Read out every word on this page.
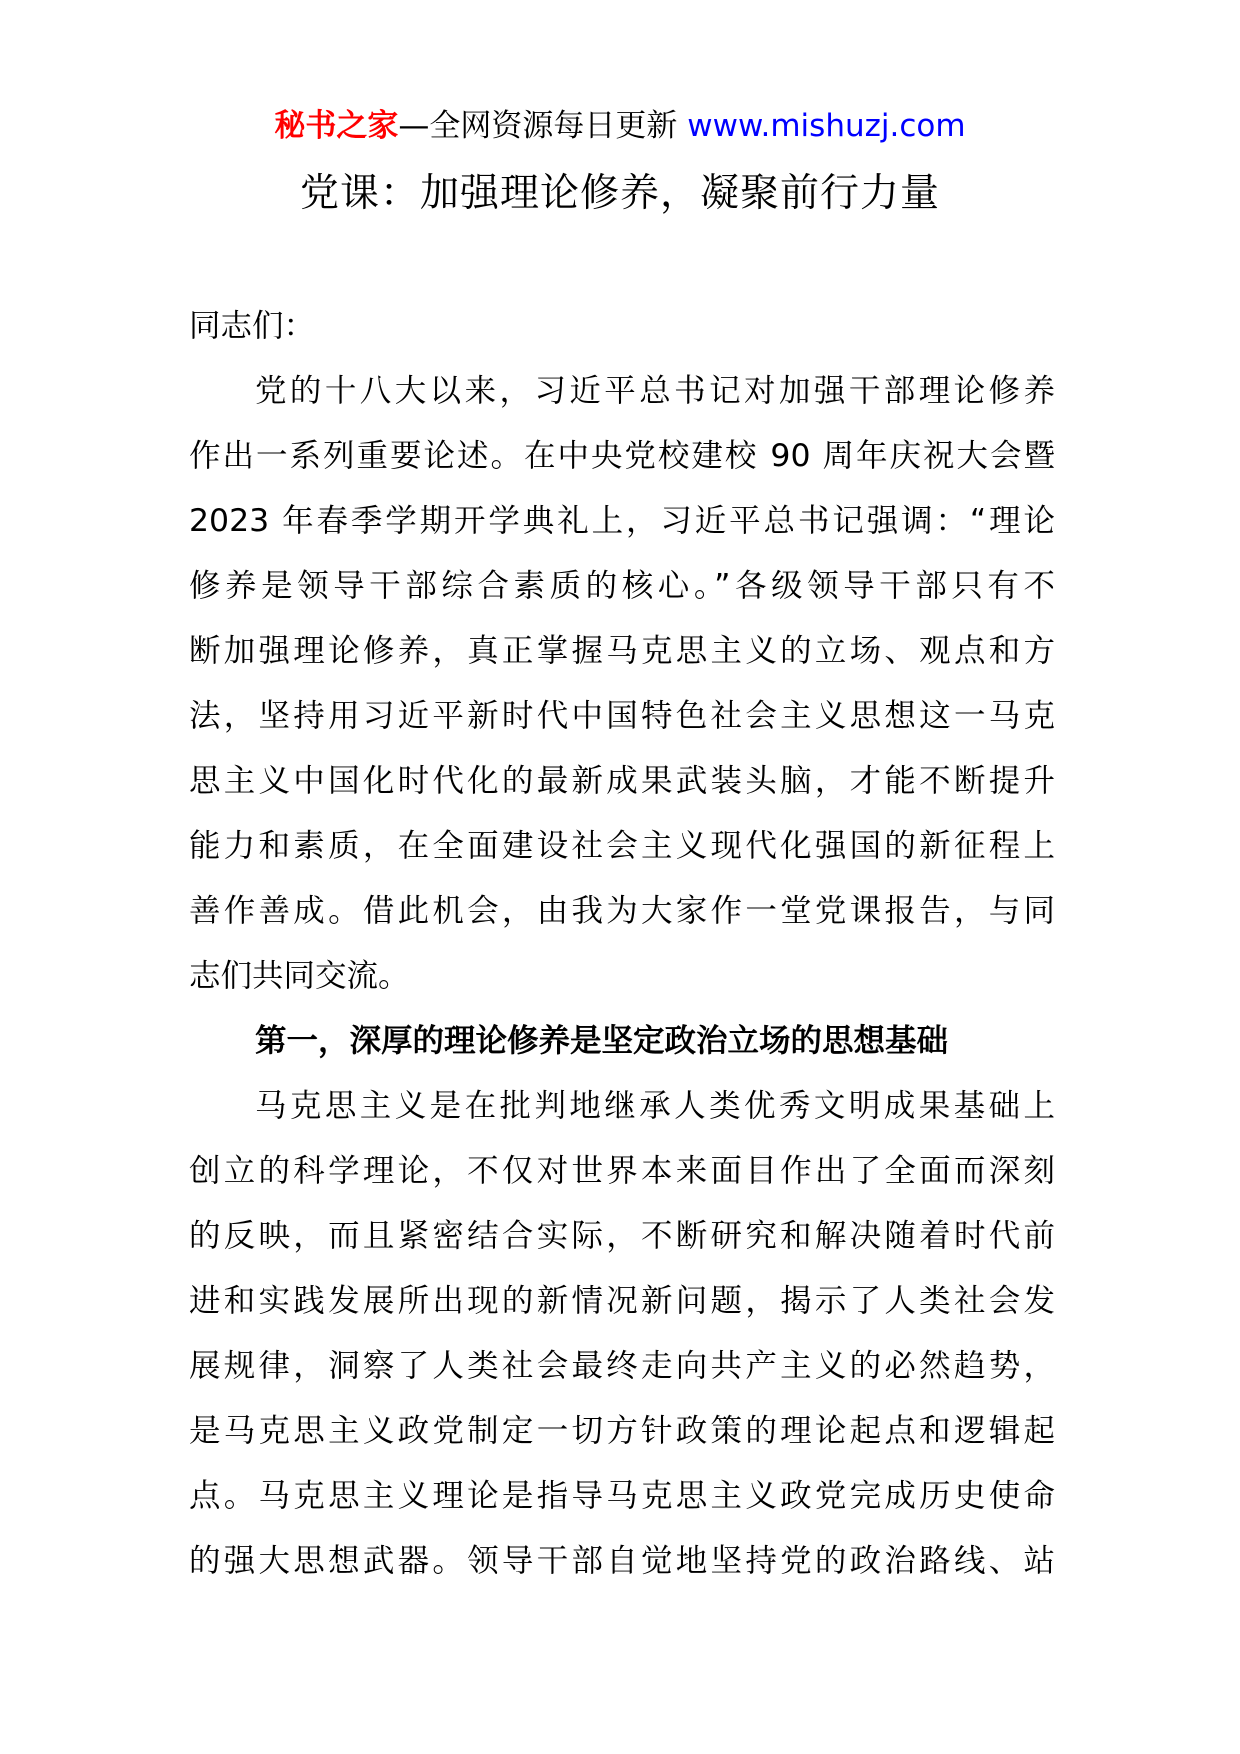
秘书之家—全网资源每日更新 www.mishuzj.com
党课：加强理论修养，凝聚前行力量
同志们：
党的十八大以来，习近平总书记对加强干部理论修养
作出一系列重要论述。在中央党校建校 90 周年庆祝大会暨
2023 年春季学期开学典礼上，习近平总书记强调：“理论
修养是领导干部综合素质的核心。”各级领导干部只有不
断加强理论修养，真正掌握马克思主义的立场、观点和方
法，坚持用习近平新时代中国特色社会主义思想这一马克
思主义中国化时代化的最新成果武装头脑，才能不断提升
能力和素质，在全面建设社会主义现代化强国的新征程上
善作善成。借此机会，由我为大家作一堂党课报告，与同
志们共同交流。
第一，深厚的理论修养是坚定政治立场的思想基础
马克思主义是在批判地继承人类优秀文明成果基础上
创立的科学理论，不仅对世界本来面目作出了全面而深刻
的反映，而且紧密结合实际，不断研究和解决随着时代前
进和实践发展所出现的新情况新问题，揭示了人类社会发
展规律，洞察了人类社会最终走向共产主义的必然趋势，
是马克思主义政党制定一切方针政策的理论起点和逻辑起
点。马克思主义理论是指导马克思主义政党完成历史使命
的强大思想武器。领导干部自觉地坚持党的政治路线、站
